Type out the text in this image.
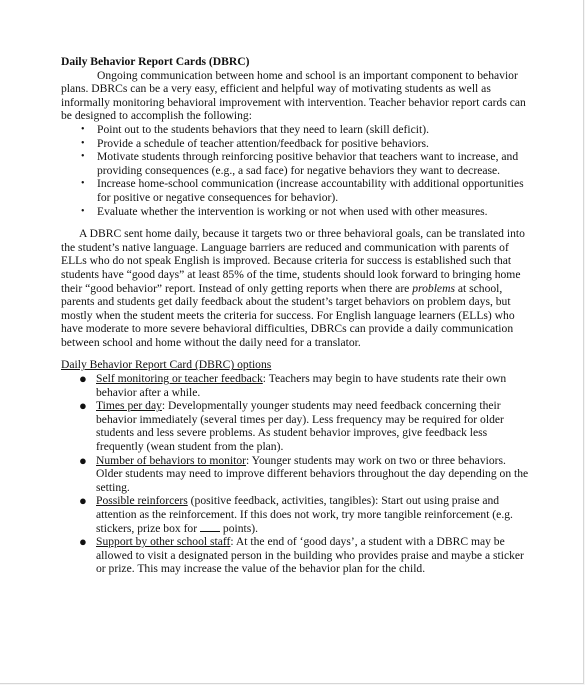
Daily Behavior Report Cards (DBRC)

Ongoing communication between home and school is an important component to behavior plans. DBRCs can be a very easy, efficient and helpful way of motivating students as well as informally monitoring behavioral improvement with intervention. Teacher behavior report cards can be designed to accomplish the following:

• Point out to the students behaviors that they need to learn (skill deficit).
• Provide a schedule of teacher attention/feedback for positive behaviors.
• Motivate students through reinforcing positive behavior that teachers want to increase, and providing consequences (e.g., a sad face) for negative behaviors they want to decrease.
• Increase home-school communication (increase accountability with additional opportunities for positive or negative consequences for behavior).
• Evaluate whether the intervention is working or not when used with other measures.

A DBRC sent home daily, because it targets two or three behavioral goals, can be translated into the student’s native language. Language barriers are reduced and communication with parents of ELLs who do not speak English is improved. Because criteria for success is established such that students have “good days” at least 85% of the time, students should look forward to bringing home their “good behavior” report. Instead of only getting reports when there are problems at school, parents and students get daily feedback about the student’s target behaviors on problem days, but mostly when the student meets the criteria for success. For English language learners (ELLs) who have moderate to more severe behavioral difficulties, DBRCs can provide a daily communication between school and home without the daily need for a translator.

Daily Behavior Report Card (DBRC) options

● Self monitoring or teacher feedback: Teachers may begin to have students rate their own behavior after a while.
● Times per day: Developmentally younger students may need feedback concerning their behavior immediately (several times per day). Less frequency may be required for older students and less severe problems. As student behavior improves, give feedback less frequently (wean student from the plan).
● Number of behaviors to monitor: Younger students may work on two or three behaviors. Older students may need to improve different behaviors throughout the day depending on the setting.
● Possible reinforcers (positive feedback, activities, tangibles): Start out using praise and attention as the reinforcement. If this does not work, try more tangible reinforcement (e.g. stickers, prize box for  points).
● Support by other school staff: At the end of ‘good days’, a student with a DBRC may be allowed to visit a designated person in the building who provides praise and maybe a sticker or prize. This may increase the value of the behavior plan for the child.
